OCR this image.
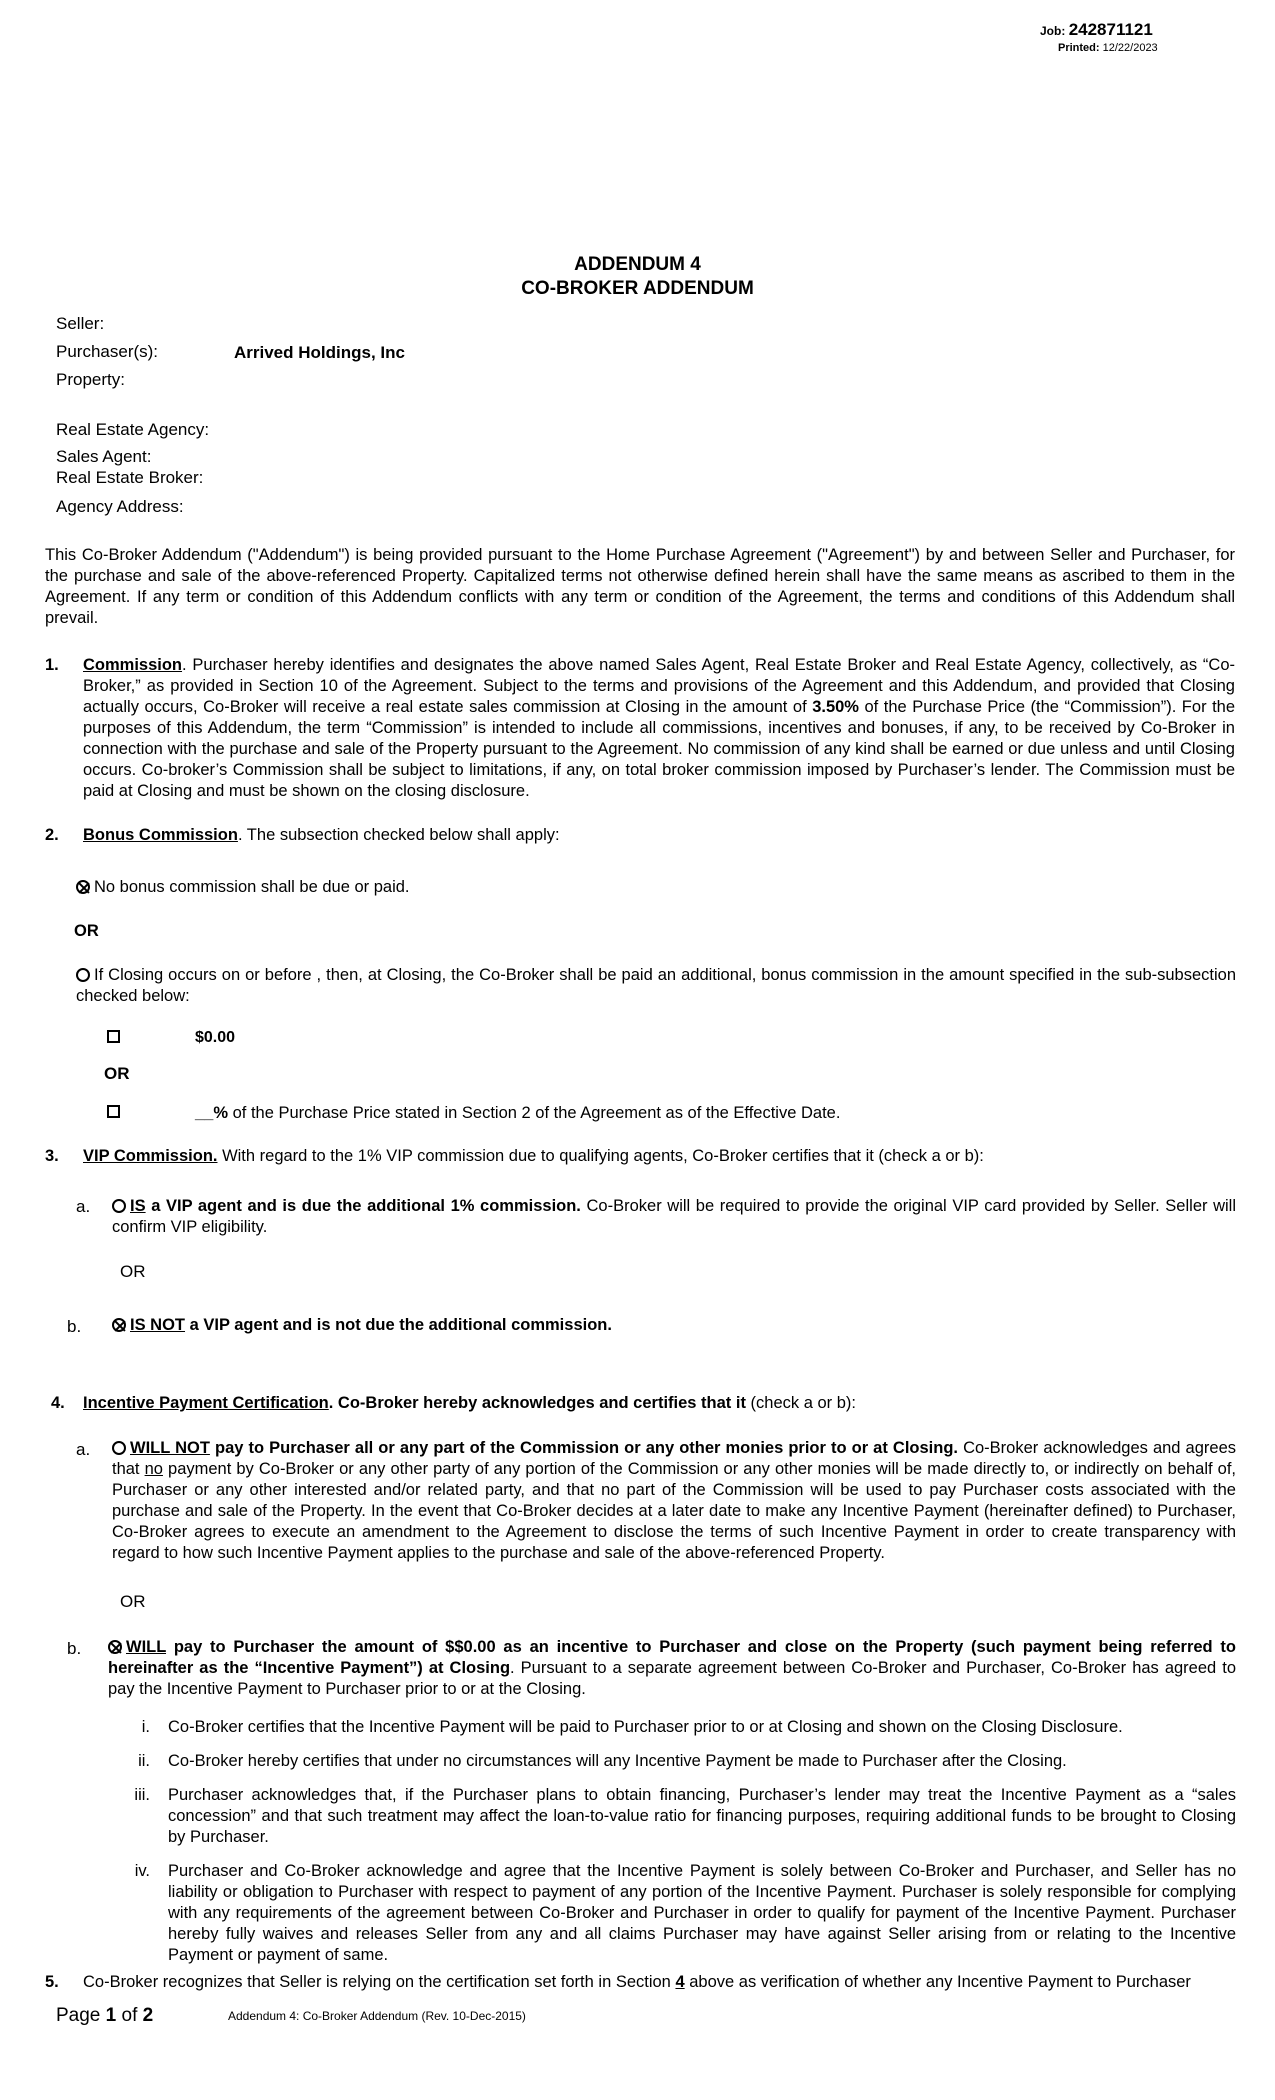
Job: 242871121
Printed: 12/22/2023
ADDENDUM 4
CO-BROKER ADDENDUM
Seller:
Purchaser(s):	Arrived Holdings, Inc
Property:
Real Estate Agency:
Sales Agent:
Real Estate Broker:
Agency Address:
This Co-Broker Addendum ("Addendum") is being provided pursuant to the Home Purchase Agreement ("Agreement") by and between Seller and Purchaser, for the purchase and sale of the above-referenced Property. Capitalized terms not otherwise defined herein shall have the same means as ascribed to them in the Agreement. If any term or condition of this Addendum conflicts with any term or condition of the Agreement, the terms and conditions of this Addendum shall prevail.
1. Commission. Purchaser hereby identifies and designates the above named Sales Agent, Real Estate Broker and Real Estate Agency, collectively, as “Co-Broker,” as provided in Section 10 of the Agreement. Subject to the terms and provisions of the Agreement and this Addendum, and provided that Closing actually occurs, Co-Broker will receive a real estate sales commission at Closing in the amount of 3.50% of the Purchase Price (the “Commission”). For the purposes of this Addendum, the term “Commission” is intended to include all commissions, incentives and bonuses, if any, to be received by Co-Broker in connection with the purchase and sale of the Property pursuant to the Agreement. No commission of any kind shall be earned or due unless and until Closing occurs. Co-broker’s Commission shall be subject to limitations, if any, on total broker commission imposed by Purchaser’s lender. The Commission must be paid at Closing and must be shown on the closing disclosure.
2. Bonus Commission. The subsection checked below shall apply:
No bonus commission shall be due or paid.
OR
If Closing occurs on or before , then, at Closing, the Co-Broker shall be paid an additional, bonus commission in the amount specified in the sub-subsection checked below:
$0.00
OR
__% of the Purchase Price stated in Section 2 of the Agreement as of the Effective Date.
3. VIP Commission. With regard to the 1% VIP commission due to qualifying agents, Co-Broker certifies that it (check a or b):
a.	IS a VIP agent and is due the additional 1% commission. Co-Broker will be required to provide the original VIP card provided by Seller. Seller will confirm VIP eligibility.
OR
b.	IS NOT a VIP agent and is not due the additional commission.
4. Incentive Payment Certification. Co-Broker hereby acknowledges and certifies that it (check a or b):
a.	WILL NOT pay to Purchaser all or any part of the Commission or any other monies prior to or at Closing. Co-Broker acknowledges and agrees that no payment by Co-Broker or any other party of any portion of the Commission or any other monies will be made directly to, or indirectly on behalf of, Purchaser or any other interested and/or related party, and that no part of the Commission will be used to pay Purchaser costs associated with the purchase and sale of the Property. In the event that Co-Broker decides at a later date to make any Incentive Payment (hereinafter defined) to Purchaser, Co-Broker agrees to execute an amendment to the Agreement to disclose the terms of such Incentive Payment in order to create transparency with regard to how such Incentive Payment applies to the purchase and sale of the above-referenced Property.
OR
b.	WILL pay to Purchaser the amount of $$0.00 as an incentive to Purchaser and close on the Property (such payment being referred to hereinafter as the “Incentive Payment”) at Closing. Pursuant to a separate agreement between Co-Broker and Purchaser, Co-Broker has agreed to pay the Incentive Payment to Purchaser prior to or at the Closing.
i. Co-Broker certifies that the Incentive Payment will be paid to Purchaser prior to or at Closing and shown on the Closing Disclosure.
ii. Co-Broker hereby certifies that under no circumstances will any Incentive Payment be made to Purchaser after the Closing.
iii. Purchaser acknowledges that, if the Purchaser plans to obtain financing, Purchaser’s lender may treat the Incentive Payment as a “sales concession” and that such treatment may affect the loan-to-value ratio for financing purposes, requiring additional funds to be brought to Closing by Purchaser.
iv. Purchaser and Co-Broker acknowledge and agree that the Incentive Payment is solely between Co-Broker and Purchaser, and Seller has no liability or obligation to Purchaser with respect to payment of any portion of the Incentive Payment. Purchaser is solely responsible for complying with any requirements of the agreement between Co-Broker and Purchaser in order to qualify for payment of the Incentive Payment. Purchaser hereby fully waives and releases Seller from any and all claims Purchaser may have against Seller arising from or relating to the Incentive Payment or payment of same.
5. Co-Broker recognizes that Seller is relying on the certification set forth in Section 4 above as verification of whether any Incentive Payment to Purchaser
Page 1 of 2	Addendum 4: Co-Broker Addendum (Rev. 10-Dec-2015)
